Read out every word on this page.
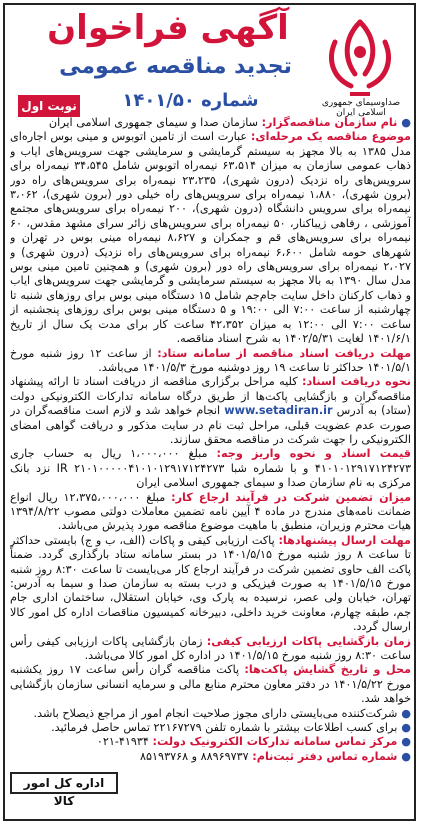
صداوسیمای جمهوری اسلامی ایران
آگهی فراخوان
تجدید مناقصه عمومی
شماره ۱۴۰۱/۵۰
نوبت اول

● نام سازمان مناقصه‌گزار: سازمان صدا و سیمای جمهوری اسلامی ایران

موضوع مناقصه یک مرحله‌ای: عبارت است از تامین اتوبوس و مینی بوس اجاره‌ای مدل ۱۳۸۵ به بالا مجهز به سیستم گرمایشی و سرمایشی جهت سرویس‌های ایاب و ذهاب عمومی سازمان به میزان ۶۳،۵۱۴ نیمه‌راه اتوبوس شامل ۳۴،۵۴۵ نیمه‌راه برای سرویس‌های راه نزدیک (درون شهری)، ۲۳،۲۳۵ نیمه‌راه برای سرویس‌های راه دور (برون شهری)، ۱،۸۸۰ نیمه‌راه برای سرویس‌های راه خیلی دور (برون شهری)، ۳،۰۶۲ نیمه‌راه برای سرویس دانشگاه (درون شهری)، ۲۰۰ نیمه‌راه برای سرویس‌های مجتمع آموزشی ، رفاهی زیباکنار، ۵۰ نیمه‌راه برای سرویس‌های زائر سرای مشهد مقدس، ۶۰ نیمه‌راه برای سرویس‌های قم و جمکران و ۸،۶۲۷ نیمه‌راه مینی بوس در تهران و شهرهای حومه شامل ۶،۶۰۰ نیمه‌راه برای سرویس‌های راه نزدیک (درون شهری) و ۲،۰۲۷ نیمه‌راه برای سرویس‌های راه دور (برون شهری) و همچنین تامین مینی بوس مدل سال ۱۳۹۰ به بالا مجهز به سیستم سرمایشی و گرمایشی جهت سرویس‌های ایاب و ذهاب کارکنان داخل سایت جام‌جم شامل ۱۵ دستگاه مینی بوس برای روزهای شنبه تا چهارشنبه از ساعت ۷:۰۰ الی ۱۹:۰۰ و ۵ دستگاه مینی بوس برای روزهای پنجشنبه از ساعت ۷:۰۰ الی ۱۲:۰۰ به میزان ۴۲،۳۵۲ ساعت کار برای مدت یک سال از تاریخ ۱۴۰۱/۶/۱ لغایت ۱۴۰۲/۵/۳۱ به شرح اسناد مناقصه.

مهلت دریافت اسناد مناقصه از سامانه ستاد: از ساعت ۱۲ روز شنبه مورخ ۱۴۰۱/۵/۱ حداکثر تا ساعت ۱۹ روز دوشنبه مورخ ۱۴۰۱/۵/۳ می‌باشد.

نحوه دریافت اسناد: کلیه مراحل برگزاری مناقصه از دریافت اسناد تا ارائه پیشنهاد مناقصه‌گران و بازگشایی پاکت‌ها از طریق درگاه سامانه تدارکات الکترونیکی دولت (ستاد) به آدرس www.setadiran.ir انجام خواهد شد و لازم است مناقصه‌گران در صورت عدم عضویت قبلی، مراحل ثبت نام در سایت مذکور و دریافت گواهی امضای الکترونیکی را جهت شرکت در مناقصه محقق سازند.

قیمت اسناد و نحوه واریز وجه: مبلغ ۱،۰۰۰،۰۰۰ ریال به حساب جاری ۴۱۰۱۰۱۲۹۱۷۱۲۴۲۷۳ و با شماره شبا IR ۲۱۰۱۰۰۰۰۰۴۱۰۱۰۱۲۹۱۷۱۲۴۲۷۳ نزد بانک مرکزی به نام سازمان صدا و سیمای جمهوری اسلامی ایران

میزان تضمین شرکت در فرآیند ارجاع کار: مبلغ ۱۲،۳۷۵،۰۰۰،۰۰۰ ریال انواع ضمانت نامه‌های مندرج در ماده ۴ آیین نامه تضمین معاملات دولتی مصوب ۱۳۹۴/۸/۲۲ هیات محترم وزیران، منطبق با ماهیت موضوع مناقصه مورد پذیرش می‌باشد.

مهلت ارسال پیشنهادها: پاکت ارزیابی کیفی و پاکات (الف، ب و ج) بایستی حداکثر تا ساعت ۸ روز شنبه مورخ ۱۴۰۱/۵/۱۵ در بستر سامانه ستاد بارگذاری گردد. ضمناً پاکت الف حاوی تضمین شرکت در فرآیند ارجاع کار می‌بایست تا ساعت ۸:۳۰ روز شنبه مورخ ۱۴۰۱/۵/۱۵ به صورت فیزیکی و درب بسته به سازمان صدا و سیما به آدرس: تهران، خیابان ولی عصر، نرسیده به پارک وی، خیابان استقلال، ساختمان اداری جام جم، طبقه چهارم، معاونت خرید داخلی، دبیرخانه کمیسیون مناقصات اداره کل امور کالا ارسال گردد.

زمان بازگشایی پاکات ارزیابی کیفی: زمان بازگشایی پاکات ارزیابی کیفی رأس ساعت ۸:۳۰ روز شنبه مورخ ۱۴۰۱/۵/۱۵ در اداره کل امور کالا می‌باشد.

محل و تاریخ گشایش پاکت‌ها: پاکت مناقصه گران رأس ساعت ۱۷ روز یکشنبه مورخ ۱۴۰۱/۵/۲۲ در دفتر معاون محترم منابع مالی و سرمایه انسانی سازمان بازگشایی خواهد شد.

● شرکت‌کننده می‌بایستی دارای مجوز صلاحیت انجام امور از مراجع ذیصلاح باشد.

● برای کسب اطلاعات بیشتر با شماره تلفن ۲۲۱۶۷۲۷۹ تماس حاصل فرمائید.

● مرکز تماس سامانه تدارکات الکترونیک دولت: ۴۱۹۳۴-۰۲۱

● شماره تماس دفتر ثبت‌نام: ۸۸۹۶۹۷۳۷ و ۸۵۱۹۳۷۶۸

اداره کل امور کالا
